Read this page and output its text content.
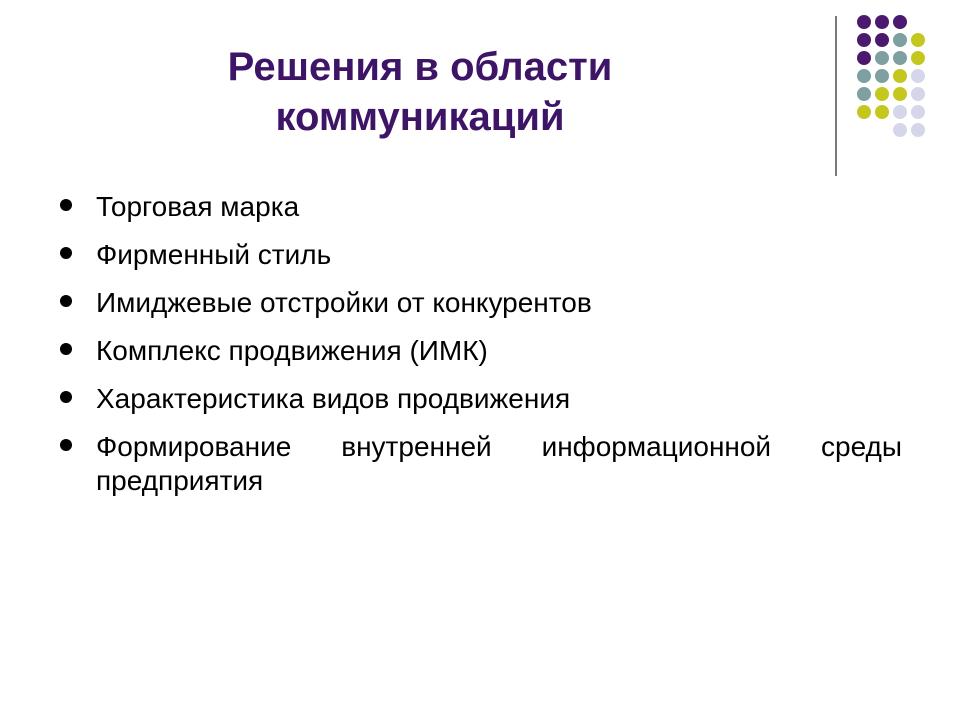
Решения в области
коммуникаций
Торговая марка
Фирменный стиль
Имиджевые отстройки от конкурентов
Комплекс продвижения (ИМК)
Характеристика видов продвижения
Формирование внутренней информационной среды предприятия
